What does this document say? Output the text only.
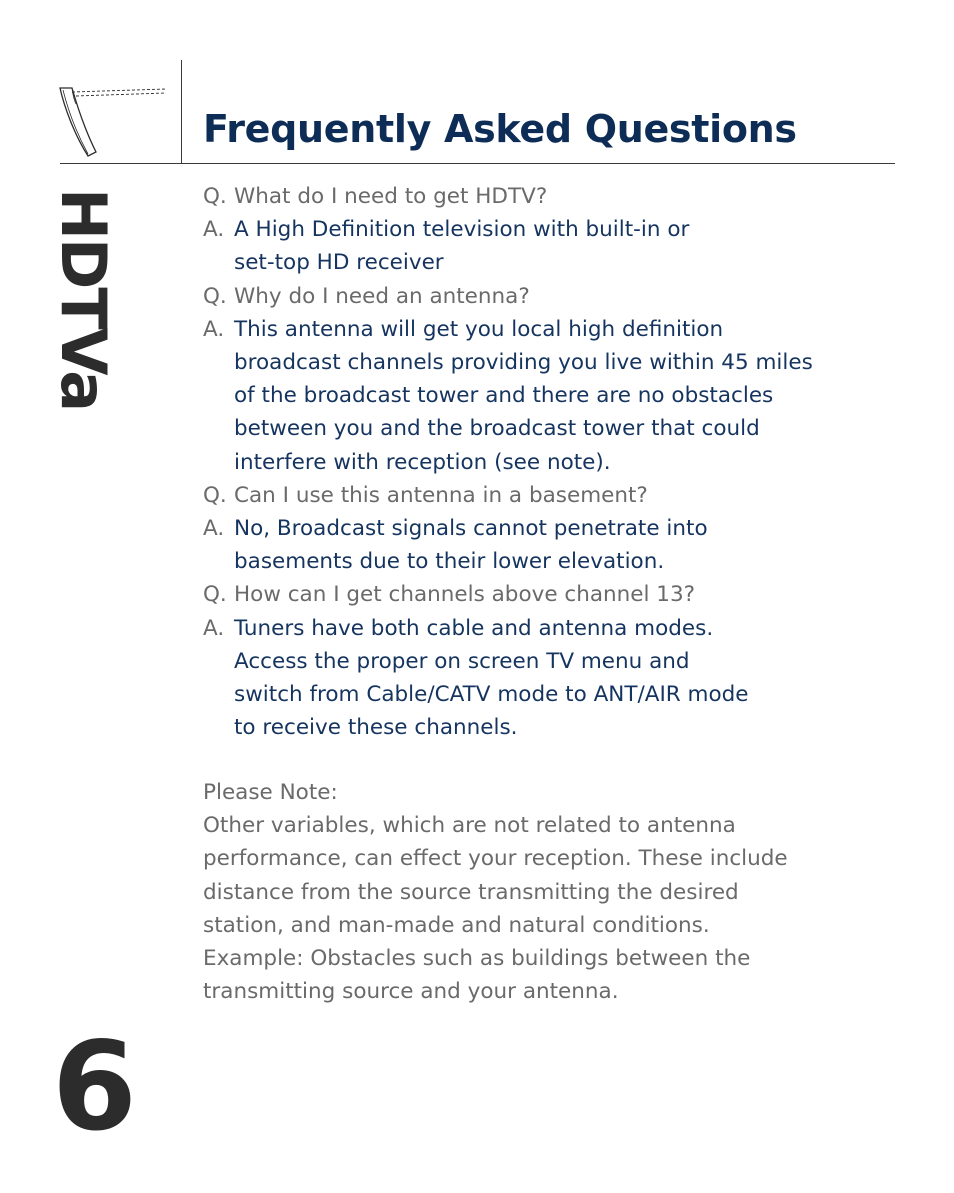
Frequently Asked Questions
HDTVa	Q. What do I need to get HDTV?
A. A High Definition television with built-in or
set-top HD receiver
Q. Why do I need an antenna?
A. This antenna will get you local high definition
broadcast channels providing you live within 45 miles
of the broadcast tower and there are no obstacles
between you and the broadcast tower that could
interfere with reception (see note).
Q. Can I use this antenna in a basement?
A. No, Broadcast signals cannot penetrate into
basements due to their lower elevation.
Q. How can I get channels above channel 13?
A. Tuners have both cable and antenna modes.
Access the proper on screen TV menu and
switch from Cable/CATV mode to ANT/AIR mode
to receive these channels.
Please Note:
Other variables, which are not related to antenna
performance, can effect your reception. These include
distance from the source transmitting the desired
station, and man-made and natural conditions.
Example: Obstacles such as buildings between the
transmitting source and your antenna.
6
